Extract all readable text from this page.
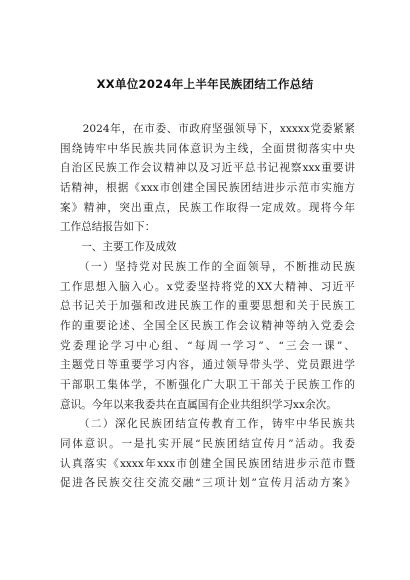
XX单位2024年上半年民族团结工作总结
　　2024年，在市委、市政府坚强领导下，xxxxx党委紧紧
围绕铸牢中华民族共同体意识为主线，全面贯彻落实中央
自治区民族工作会议精神以及习近平总书记视察xxx重要讲
话精神，根据《xxx市创建全国民族团结进步示范市实施方
案》精神，突出重点，民族工作取得一定成效。现将今年
工作总结报告如下：
　　一、主要工作及成效
　　（一）坚持党对民族工作的全面领导，不断推动民族
工作思想入脑入心。x党委坚持将党的XX大精神、习近平
总书记关于加强和改进民族工作的重要思想和关于民族工
作的重要论述、全国全区民族工作会议精神等纳入党委会
党委理论学习中心组、“每周一学习”、“三会一课”、
主题党日等重要学习内容，通过领导带头学、党员跟进学
干部职工集体学，不断强化广大职工干部关于民族工作的
意识。今年以来我委共在直属国有企业共组织学习xx余次。
　　（二）深化民族团结宣传教育工作，铸牢中华民族共
同体意识。一是扎实开展“民族团结宣传月”活动。我委
认真落实《xxxx年xxx市创建全国民族团结进步示范市暨
促进各民族交往交流交融“三项计划”宣传月活动方案》
